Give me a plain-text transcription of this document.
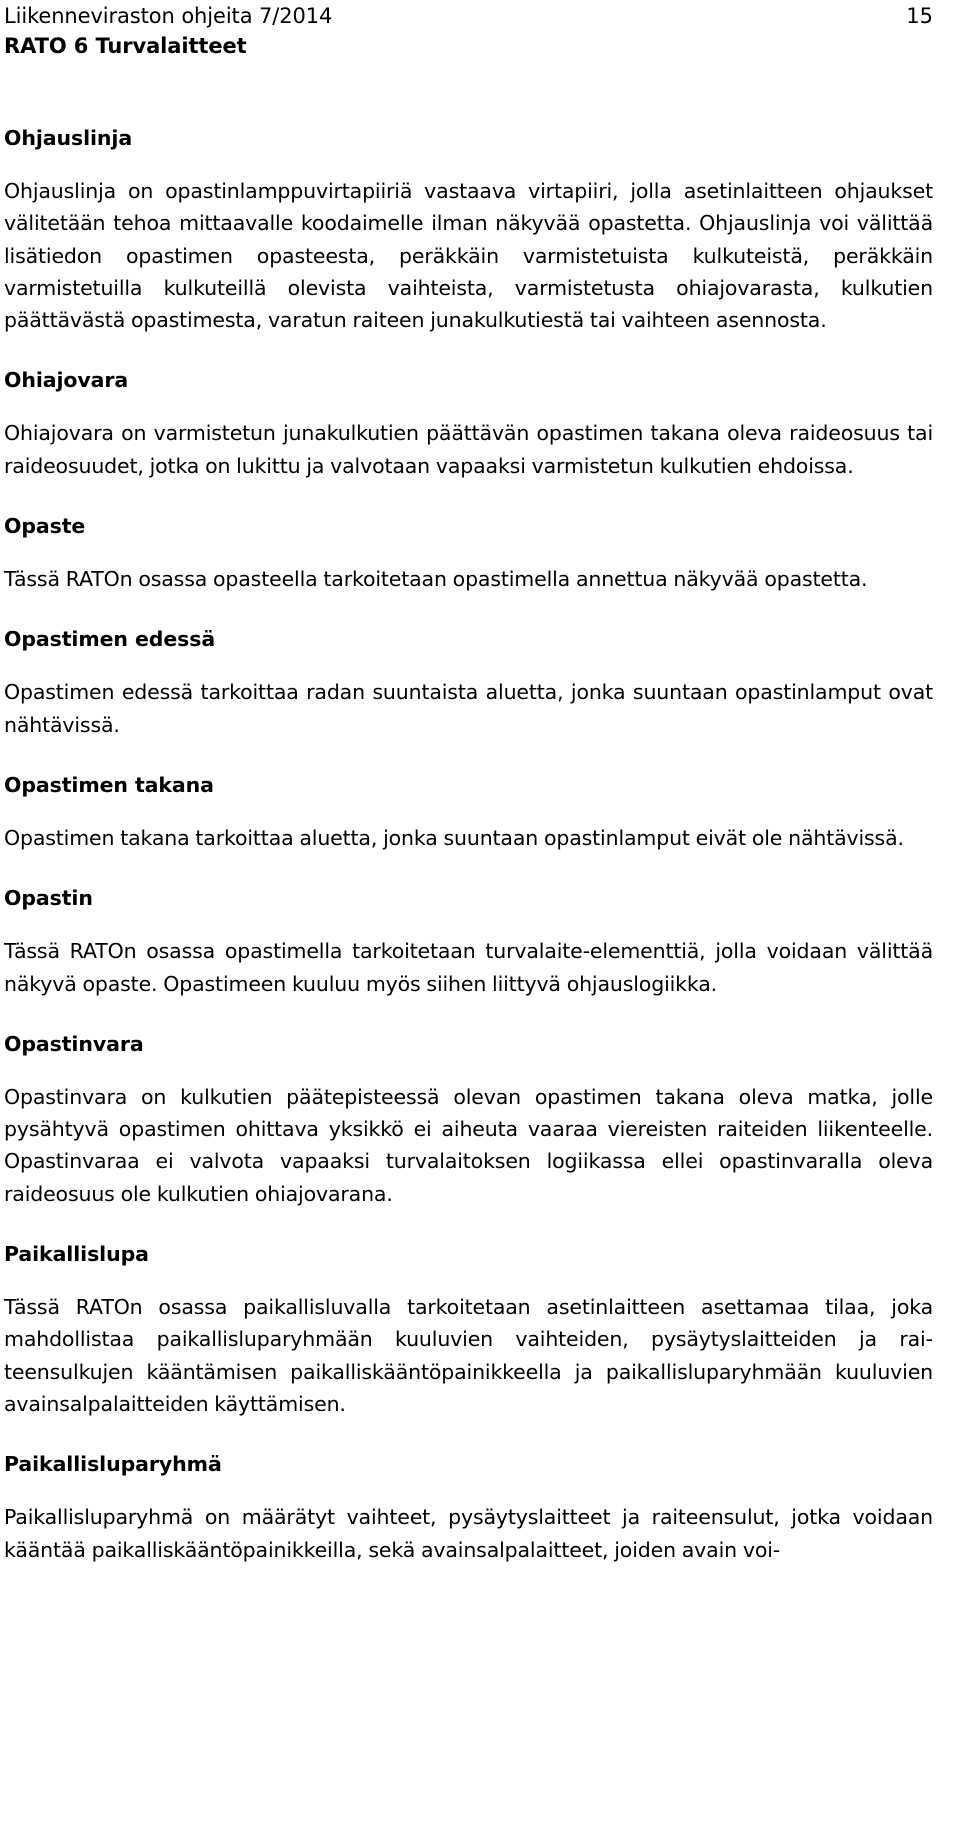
Liikenneviraston ohjeita 7/2014
RATO 6 Turvalaitteet
15
Ohjauslinja
Ohjauslinja on opastinlamppuvirtapiiriä vastaava virtapiiri, jolla asetinlaitteen ohjaukset välitetään tehoa mittaavalle koodaimelle ilman näkyvää opastetta. Ohjauslinja voi välittää lisätiedon opastimen opasteesta, peräkkäin varmistetuista kulkuteistä, peräkkäin varmistetuilla kulkuteillä olevista vaihteista, varmistetusta ohiajovarasta, kulkutien päättävästä opastimesta, varatun raiteen junakulkutiestä tai vaihteen asennosta.
Ohiajovara
Ohiajovara on varmistetun junakulkutien päättävän opastimen takana oleva raideosuus tai raideosuudet, jotka on lukittu ja valvotaan vapaaksi varmistetun kulkutien ehdoissa.
Opaste
Tässä RATOn osassa opasteella tarkoitetaan opastimella annettua näkyvää opastetta.
Opastimen edessä
Opastimen edessä tarkoittaa radan suuntaista aluetta, jonka suuntaan opastinlamput ovat nähtävissä.
Opastimen takana
Opastimen takana tarkoittaa aluetta, jonka suuntaan opastinlamput eivät ole nähtävissä.
Opastin
Tässä RATOn osassa opastimella tarkoitetaan turvalaite-elementtiä, jolla voidaan välittää näkyvä opaste. Opastimeen kuuluu myös siihen liittyvä ohjauslogiikka.
Opastinvara
Opastinvara on kulkutien päätepisteessä olevan opastimen takana oleva matka, jolle pysähtyvä opastimen ohittava yksikkö ei aiheuta vaaraa viereisten raiteiden liikenteelle. Opastinvaraa ei valvota vapaaksi turvalaitoksen logiikassa ellei opastinvaralla oleva raideosuus ole kulkutien ohiajovarana.
Paikallislupa
Tässä RATOn osassa paikallisluvalla tarkoitetaan asetinlaitteen asettamaa tilaa, joka mahdollistaa paikallisluparyhmään kuuluvien vaihteiden, pysäytyslaitteiden ja raiteensulkujen kääntämisen paikalliskääntöpainikkeella ja paikallisluparyhmään kuuluvien avainsalpalaitteiden käyttämisen.
Paikallisluparyhmä
Paikallisluparyhmä on määrätyt vaihteet, pysäytyslaitteet ja raiteensulut, jotka voidaan kääntää paikalliskääntöpainikkeilla, sekä avainsalpalaitteet, joiden avain voi-
